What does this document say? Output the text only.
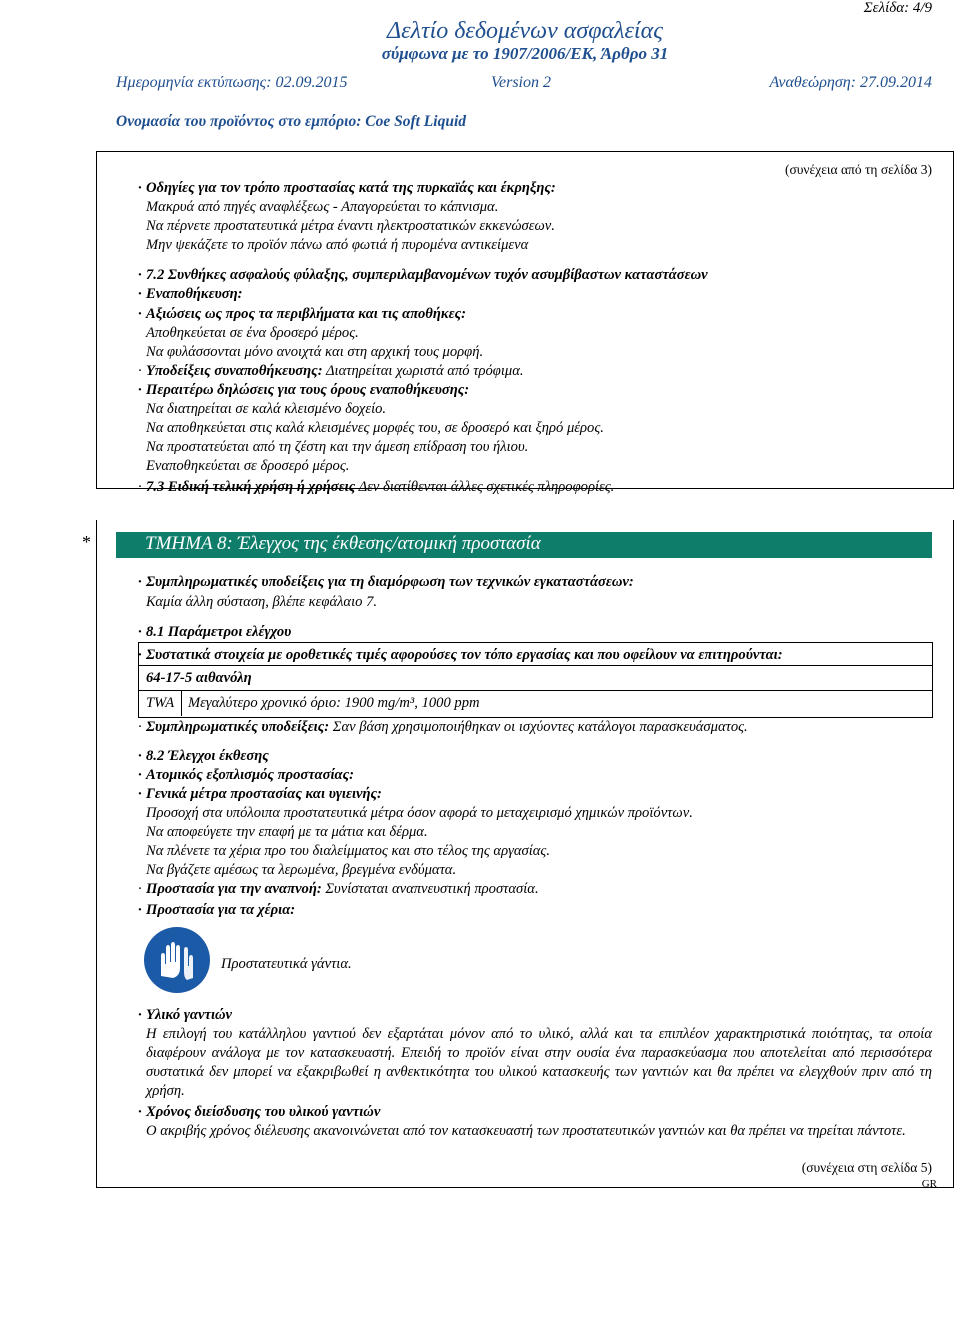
Σελίδα: 4/9
Δελτίο δεδομένων ασφαλείας
σύμφωνα με το 1907/2006/ΕΚ, Άρθρο 31
Ημερομηνία εκτύπωσης: 02.09.2015	Version 2	Αναθεώρηση: 27.09.2014
Ονομασία του προϊόντος στο εμπόριο: Coe Soft Liquid
(συνέχεια από τη σελίδα 3)
· Οδηγίες για τον τρόπο προστασίας κατά της πυρκαϊάς και έκρηξης:
Μακρυά από πηγές αναφλέξεως - Απαγορεύεται το κάπνισμα.
Να πέρνετε προστατευτικά μέτρα έναντι ηλεκτροστατικών εκκενώσεων.
Μην ψεκάζετε το προϊόν πάνω από φωτιά ή πυρομένα αντικείμενα
· 7.2 Συνθήκες ασφαλούς φύλαξης, συμπεριλαμβανομένων τυχόν ασυμβίβαστων καταστάσεων
· Εναποθήκευση:
· Αξιώσεις ως προς τα περιβλήματα και τις αποθήκες:
Αποθηκεύεται σε ένα δροσερό μέρος.
Να φυλάσσονται μόνο ανοιχτά και στη αρχική τους μορφή.
· Υποδείξεις συναποθήκευσης: Διατηρείται χωριστά από τρόφιμα.
· Περαιτέρω δηλώσεις για τους όρους εναποθήκευσης:
Να διατηρείται σε καλά κλεισμένο δοχείο.
Να αποθηκεύεται στις καλά κλεισμένες μορφές του, σε δροσερό και ξηρό μέρος.
Να προστατεύεται από τη ζέστη και την άμεση επίδραση του ήλιου.
Εναποθηκεύεται σε δροσερό μέρος.
· 7.3 Ειδική τελική χρήση ή χρήσεις Δεν διατίθενται άλλες σχετικές πληροφορίες.
*	ΤΜΗΜΑ 8: Έλεγχος της έκθεσης/ατομική προστασία
· Συμπληρωματικές υποδείξεις για τη διαμόρφωση των τεχνικών εγκαταστάσεων:
Καμία άλλη σύσταση, βλέπε κεφάλαιο 7.
· 8.1 Παράμετροι ελέγχου
· Συστατικά στοιχεία με οροθετικές τιμές αφορούσες τον τόπο εργασίας και που οφείλουν να επιτηρούνται:
64-17-5 αιθανόλη
TWA Μεγαλύτερο χρονικό όριο: 1900 mg/m³, 1000 ppm
· Συμπληρωματικές υποδείξεις: Σαν βάση χρησιμοποιήθηκαν οι ισχύοντες κατάλογοι παρασκευάσματος.
· 8.2 Έλεγχοι έκθεσης
· Ατομικός εξοπλισμός προστασίας:
· Γενικά μέτρα προστασίας και υγιεινής:
Προσοχή στα υπόλοιπα προστατευτικά μέτρα όσον αφορά το μεταχειρισμό χημικών προϊόντων.
Να αποφεύγετε την επαφή με τα μάτια και δέρμα.
Να πλένετε τα χέρια προ του διαλείμματος και στο τέλος της αργασίας.
Να βγάζετε αμέσως τα λερωμένα, βρεγμένα ενδύματα.
· Προστασία για την αναπνοή: Συνίσταται αναπνευστική προστασία.
· Προστασία για τα χέρια:
Προστατευτικά γάντια.
· Υλικό γαντιών
Η επιλογή του κατάλληλου γαντιού δεν εξαρτάται μόνον από το υλικό, αλλά και τα επιπλέον χαρακτηριστικά ποιότητας, τα οποία διαφέρουν ανάλογα με τον κατασκευαστή. Επειδή το προϊόν είναι στην ουσία ένα παρασκεύασμα που αποτελείται από περισσότερα συστατικά δεν μπορεί να εξακριβωθεί η ανθεκτικότητα του υλικού κατασκευής των γαντιών και θα πρέπει να ελεγχθούν πριν από τη χρήση.
· Χρόνος διείσδυσης του υλικού γαντιών
Ο ακριβής χρόνος διέλευσης ακανοινώνεται από τον κατασκευαστή των προστατευτικών γαντιών και θα πρέπει να τηρείται πάντοτε.
(συνέχεια στη σελίδα 5)
GR
